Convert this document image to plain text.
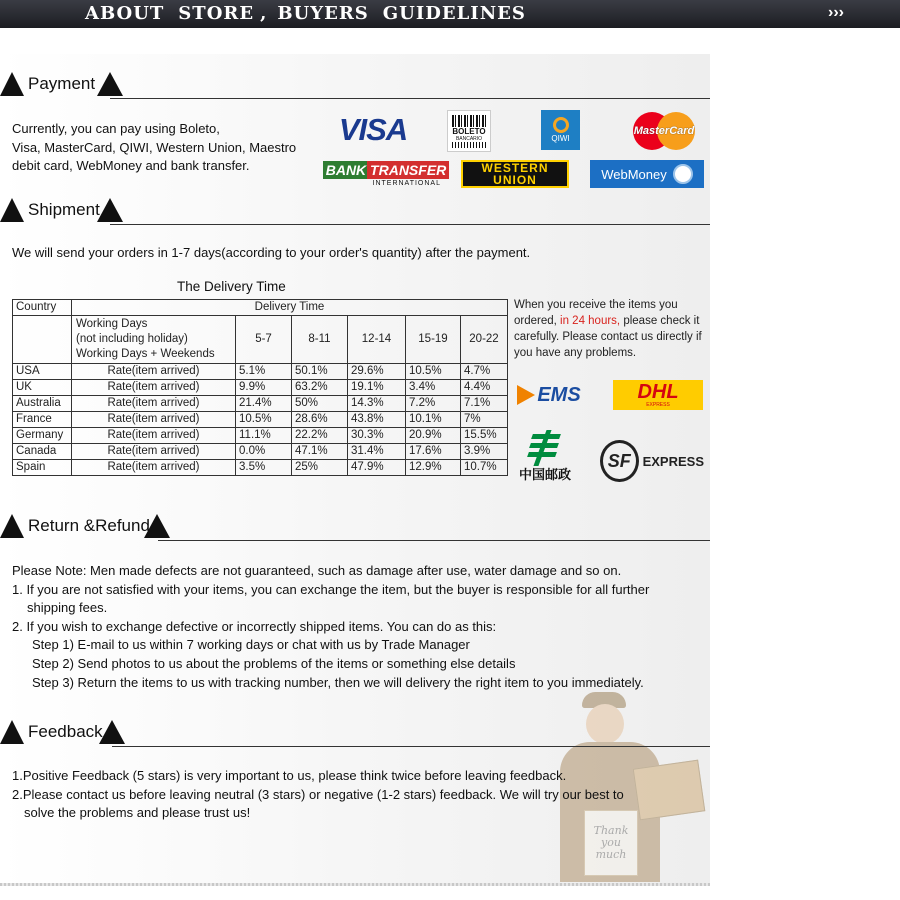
ABOUT STORE , BUYERS GUIDELINES	›››
Payment
Currently, you can pay using Boleto,
Visa, MasterCard, QIWI, Western Union, Maestro
debit card, WebMoney and bank transfer.
VISA	BOLETO
BANCARIO	QIWI
MasterCard
BANK TRANSFER
INTERNATIONAL
WESTERN
UNION	WebMoney
Shipment
We will send your orders in 1-7 days(according to your order's quantity) after the payment.
The Delivery Time
Country	Delivery Time					

	Working Days
(not including holiday)
Working Days + Weekends	5-7	8-11	12-14	15-19	20-22
USA	Rate(item arrived)	5.1%	50.1%	29.6%	10.5%	4.7%
UK	Rate(item arrived)	9.9%	63.2%	19.1%	3.4%	4.4%
Australia	Rate(item arrived)	21.4%	50%	14.3%	7.2%	7.1%
France	Rate(item arrived)	10.5%	28.6%	43.8%	10.1%	7%
Germany	Rate(item arrived)	11.1%	22.2%	30.3%	20.9%	15.5%
Canada	Rate(item arrived)	0.0%	47.1%	31.4%	17.6%	3.9%
Spain	Rate(item arrived)	3.5%	25%	47.9%	12.9%	10.7%
When you receive the items you ordered, in 24 hours, please check it carefully. Please contact us directly if you have any problems.
EMS	DHL
EXPRESS
中国邮政
SF EXPRESS
Return &Refund
Please Note: Men made defects are not guaranteed, such as damage after use, water damage and so on.
1. If you are not satisfied with your items, you can exchange the item, but the buyer is responsible for all further
shipping fees.
2. If you wish to exchange defective or incorrectly shipped items. You can do as this:
Step 1) E-mail to us within 7 working days or chat with us by Trade Manager
Step 2) Send photos to us about the problems of the items or something else details
Step 3) Return the items to us with tracking number, then we will delivery the right item to you immediately.
Thank
you
much
Feedback
1.Positive Feedback (5 stars) is very important to us, please think twice before leaving feedback.
2.Please contact us before leaving neutral (3 stars) or negative (1-2 stars) feedback. We will try our best to
solve the problems and please trust us!
